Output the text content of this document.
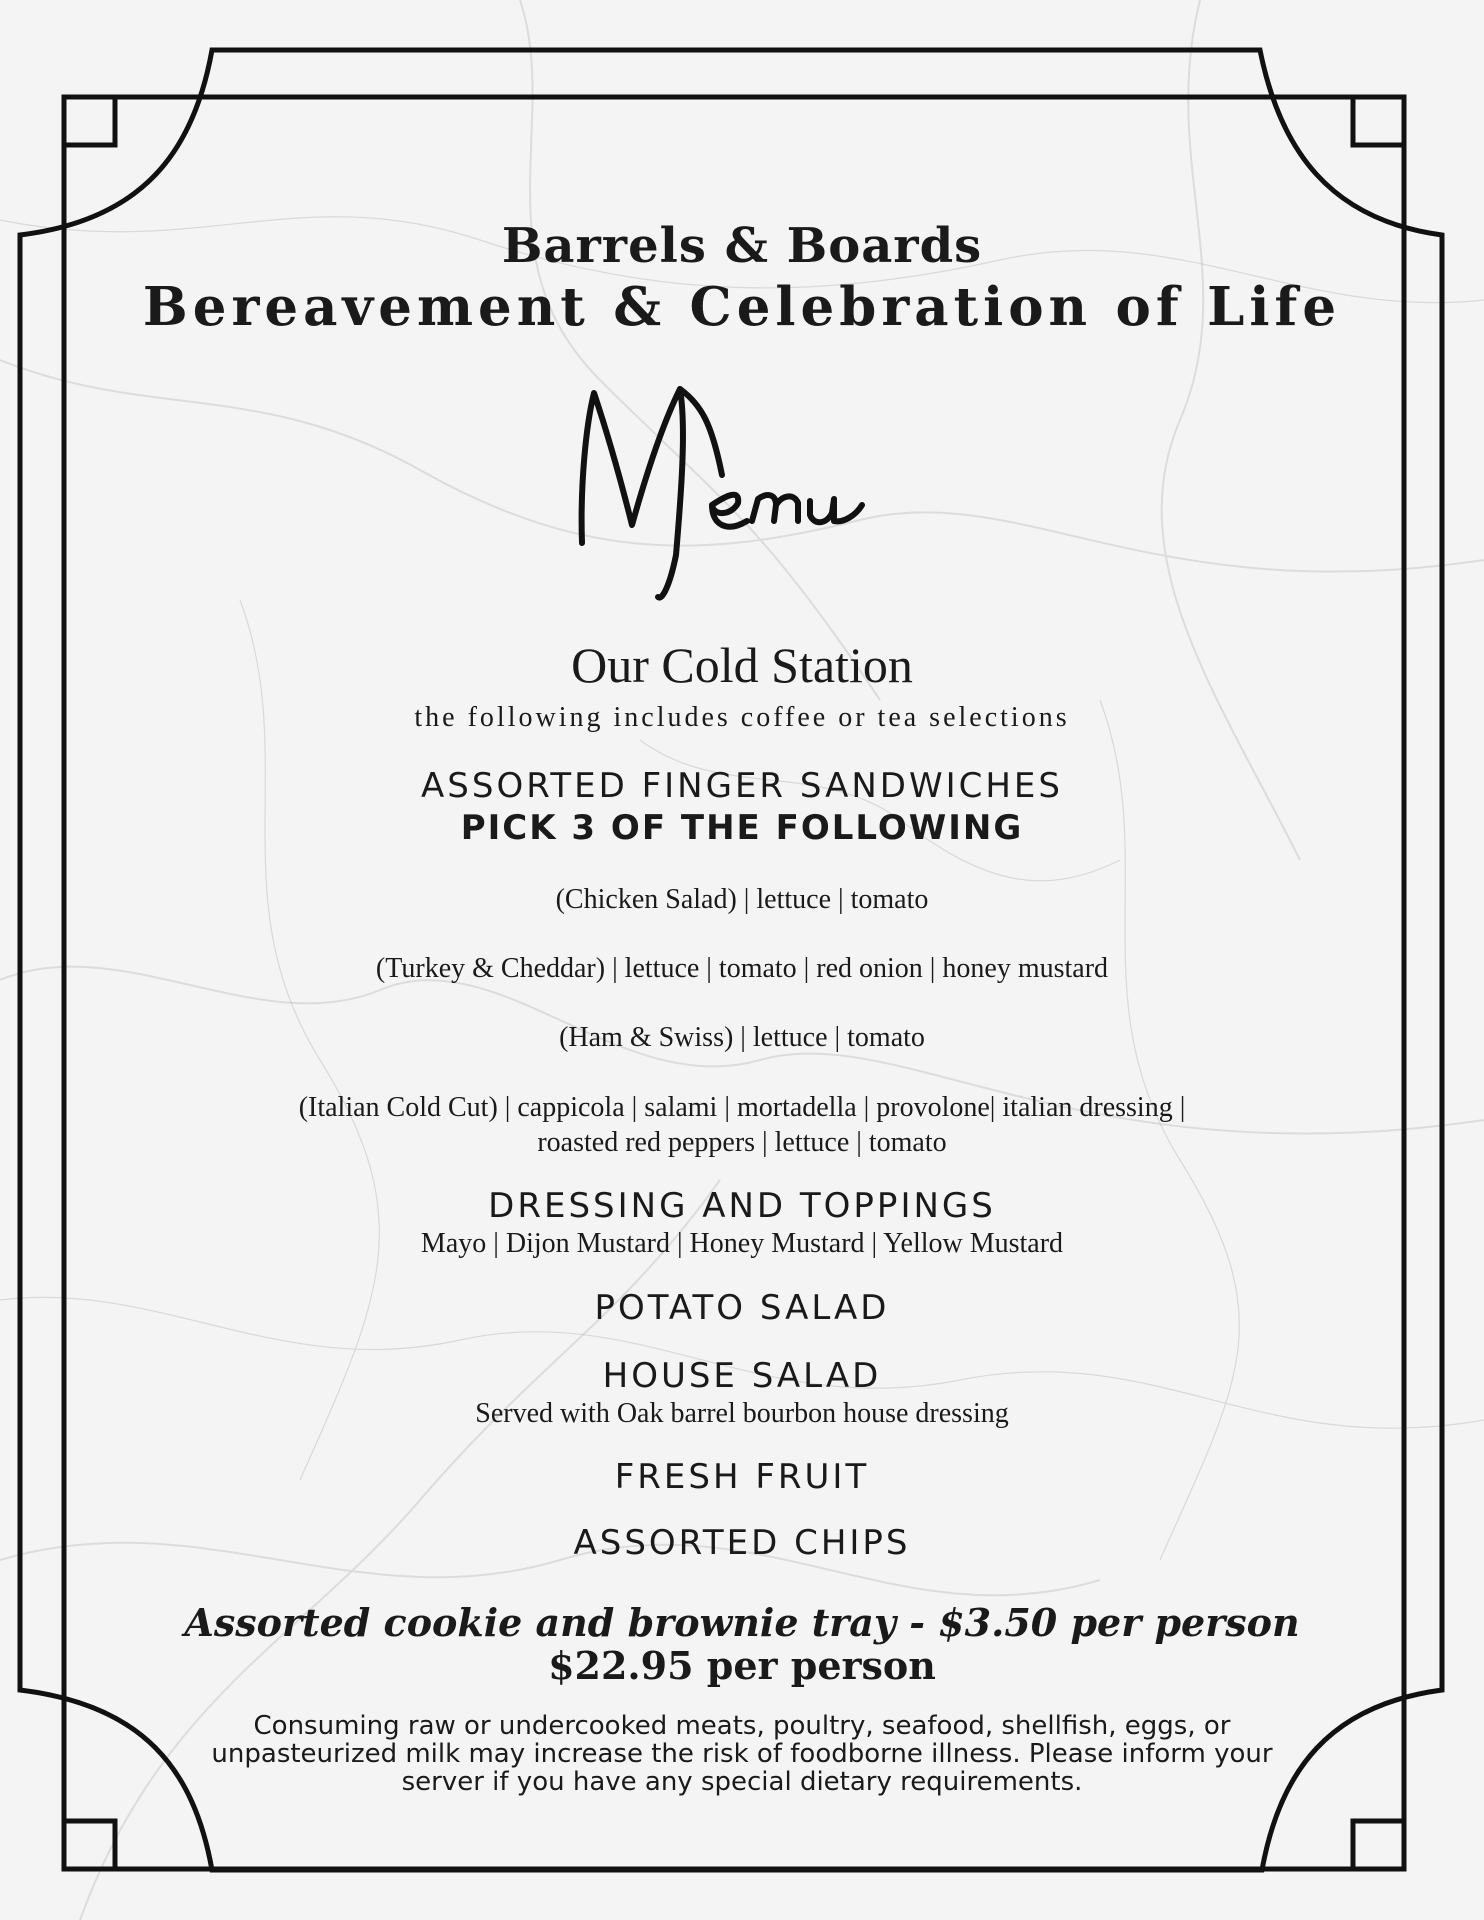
Barrels & Boards
Bereavement & Celebration of Life
Menu
Our Cold Station
the following includes coffee or tea selections
ASSORTED FINGER SANDWICHES
PICK 3 OF THE FOLLOWING
(Chicken Salad) | lettuce | tomato
(Turkey & Cheddar) | lettuce | tomato | red onion | honey mustard
(Ham & Swiss) | lettuce | tomato
(Italian Cold Cut) | cappicola | salami | mortadella | provolone| italian dressing |
roasted red peppers | lettuce | tomato
DRESSING AND TOPPINGS
Mayo | Dijon Mustard | Honey Mustard | Yellow Mustard
POTATO SALAD
HOUSE SALAD
Served with Oak barrel bourbon house dressing
FRESH FRUIT
ASSORTED CHIPS
Assorted cookie and brownie tray - $3.50 per person
$22.95 per person
Consuming raw or undercooked meats, poultry, seafood, shellfish, eggs, or
unpasteurized milk may increase the risk of foodborne illness. Please inform your
server if you have any special dietary requirements.
